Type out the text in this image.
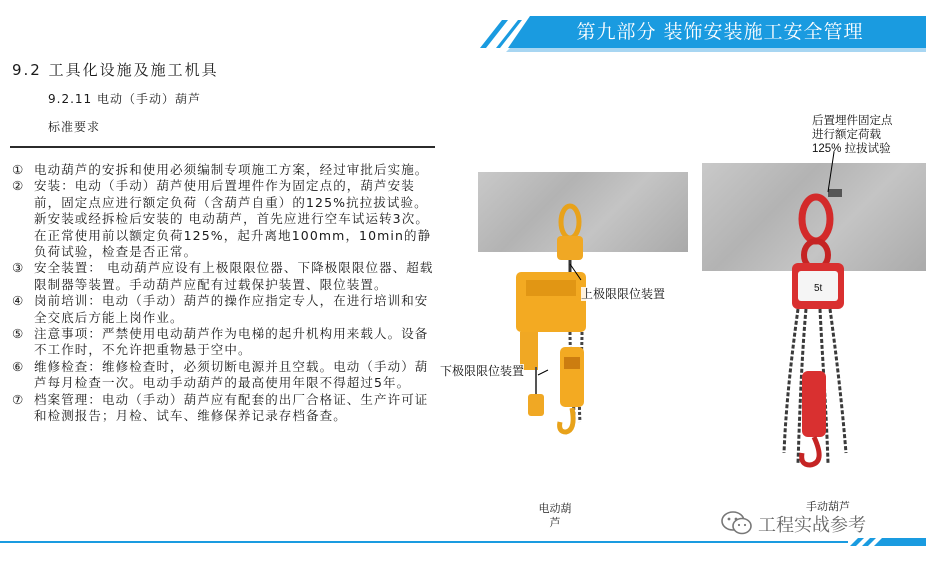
第九部分 装饰安装施工安全管理
9.2 工具化设施及施工机具
9.2.11 电动（手动）葫芦
标准要求
① 电动葫芦的安拆和使用必须编制专项施工方案，经过审批后实施。
② 安装：电动（手动）葫芦使用后置埋件作为固定点的，葫芦安装前，固定点应进行额定负荷（含葫芦自重）的125%抗拉拔试验。新安装或经拆检后安装的 电动葫芦，首先应进行空车试运转3次。在正常使用前以额定负荷125%，起升离地100mm，10min的静负荷试验，检查是否正常。
③ 安全装置： 电动葫芦应设有上极限限位器、下降极限限位器、超载限制器等装置。手动葫芦应配有过载保护装置、限位装置。
④ 岗前培训：电动（手动）葫芦的操作应指定专人，在进行培训和安全交底后方能上岗作业。
⑤ 注意事项：严禁使用电动葫芦作为电梯的起升机构用来载人。设备不工作时，不允许把重物悬于空中。
⑥ 维修检查：维修检查时，必须切断电源并且空载。电动（手动）葫芦每月检查一次。电动手动葫芦的最高使用年限不得超过5年。
⑦ 档案管理：电动（手动）葫芦应有配套的出厂合格证、生产许可证和检测报告；月检、试车、维修保养记录存档备查。
上极限限位装置
下极限限位装置
电动葫
芦
5t
后置埋件固定点
进行额定荷载
125% 拉拔试验
手动葫芦
工程实战参考
